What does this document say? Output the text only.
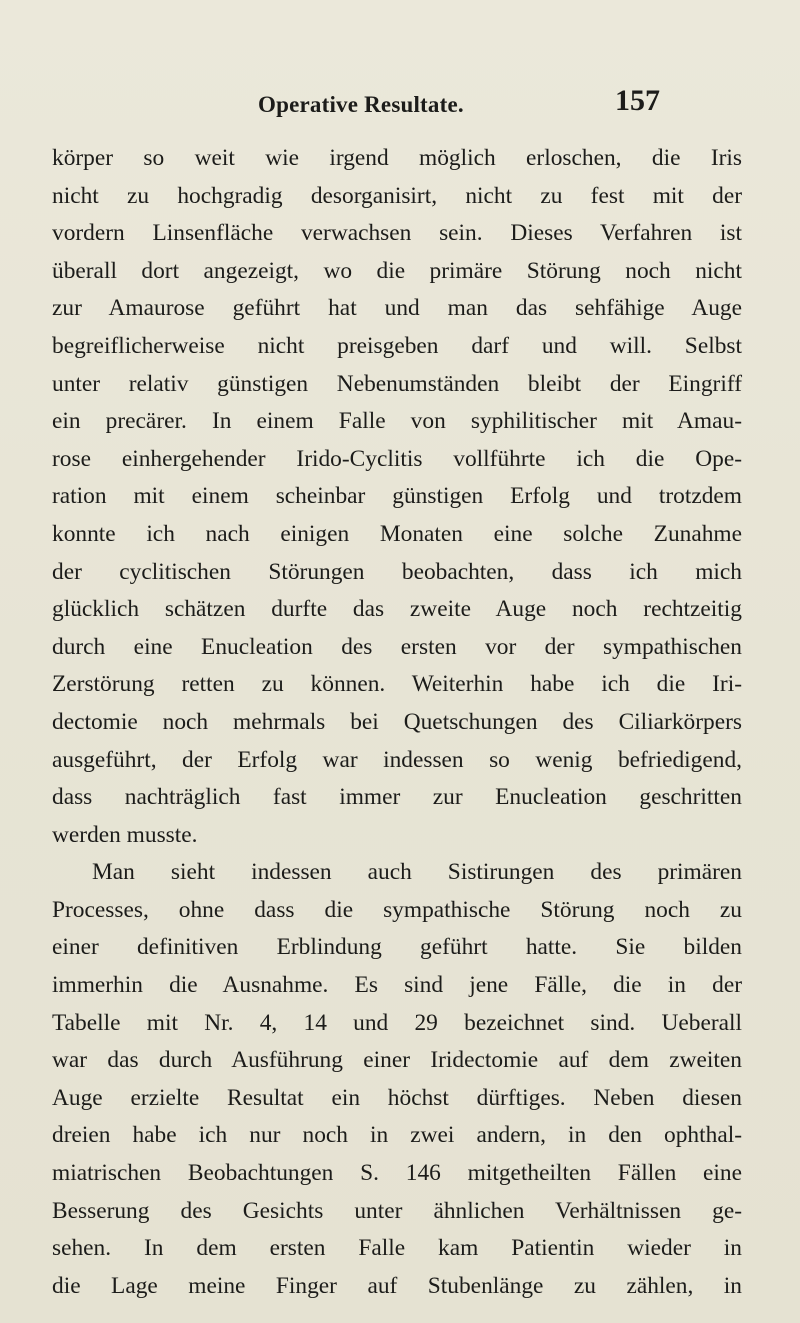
Operative Resultate.	157
körper so weit wie irgend möglich erloschen, die Iris
nicht zu hochgradig desorganisirt, nicht zu fest mit der
vordern Linsenfläche verwachsen sein. Dieses Verfahren ist
überall dort angezeigt, wo die primäre Störung noch nicht
zur Amaurose geführt hat und man das sehfähige Auge
begreiflicherweise nicht preisgeben darf und will. Selbst
unter relativ günstigen Nebenumständen bleibt der Eingriff
ein precärer. In einem Falle von syphilitischer mit Amau-
rose einhergehender Irido-Cyclitis vollführte ich die Ope-
ration mit einem scheinbar günstigen Erfolg und trotzdem
konnte ich nach einigen Monaten eine solche Zunahme
der cyclitischen Störungen beobachten, dass ich mich
glücklich schätzen durfte das zweite Auge noch rechtzeitig
durch eine Enucleation des ersten vor der sympathischen
Zerstörung retten zu können. Weiterhin habe ich die Iri-
dectomie noch mehrmals bei Quetschungen des Ciliarkörpers
ausgeführt, der Erfolg war indessen so wenig befriedigend,
dass nachträglich fast immer zur Enucleation geschritten
werden musste.
Man sieht indessen auch Sistirungen des primären
Processes, ohne dass die sympathische Störung noch zu
einer definitiven Erblindung geführt hatte. Sie bilden
immerhin die Ausnahme. Es sind jene Fälle, die in der
Tabelle mit Nr. 4, 14 und 29 bezeichnet sind. Ueberall
war das durch Ausführung einer Iridectomie auf dem zweiten
Auge erzielte Resultat ein höchst dürftiges. Neben diesen
dreien habe ich nur noch in zwei andern, in den ophthal-
miatrischen Beobachtungen S. 146 mitgetheilten Fällen eine
Besserung des Gesichts unter ähnlichen Verhältnissen ge-
sehen. In dem ersten Falle kam Patientin wieder in
die Lage meine Finger auf Stubenlänge zu zählen, in
